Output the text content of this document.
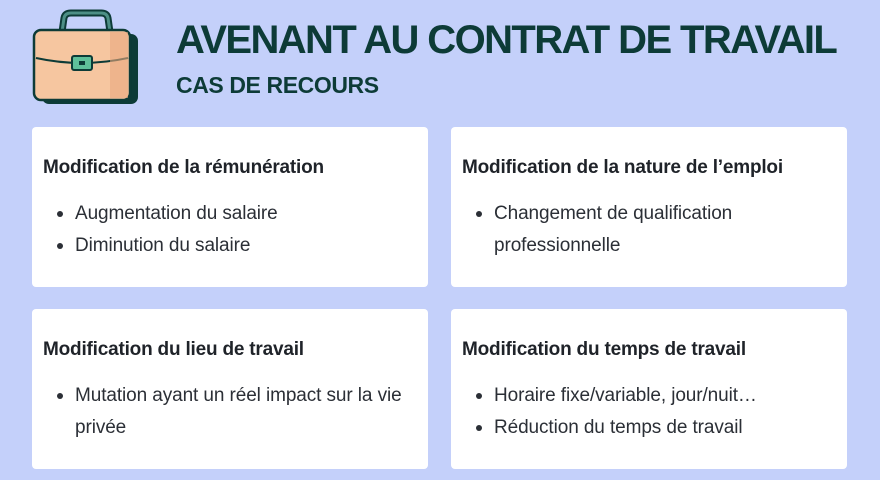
AVENANT AU CONTRAT DE TRAVAIL
CAS DE RECOURS
Modification de la rémunération
Augmentation du salaire
Diminution du salaire
Modification de la nature de l’emploi
Changement de qualification professionnelle
Modification du lieu de travail
Mutation ayant un réel impact sur la vie privée
Modification du temps de travail
Horaire fixe/variable, jour/nuit…
Réduction du temps de travail
